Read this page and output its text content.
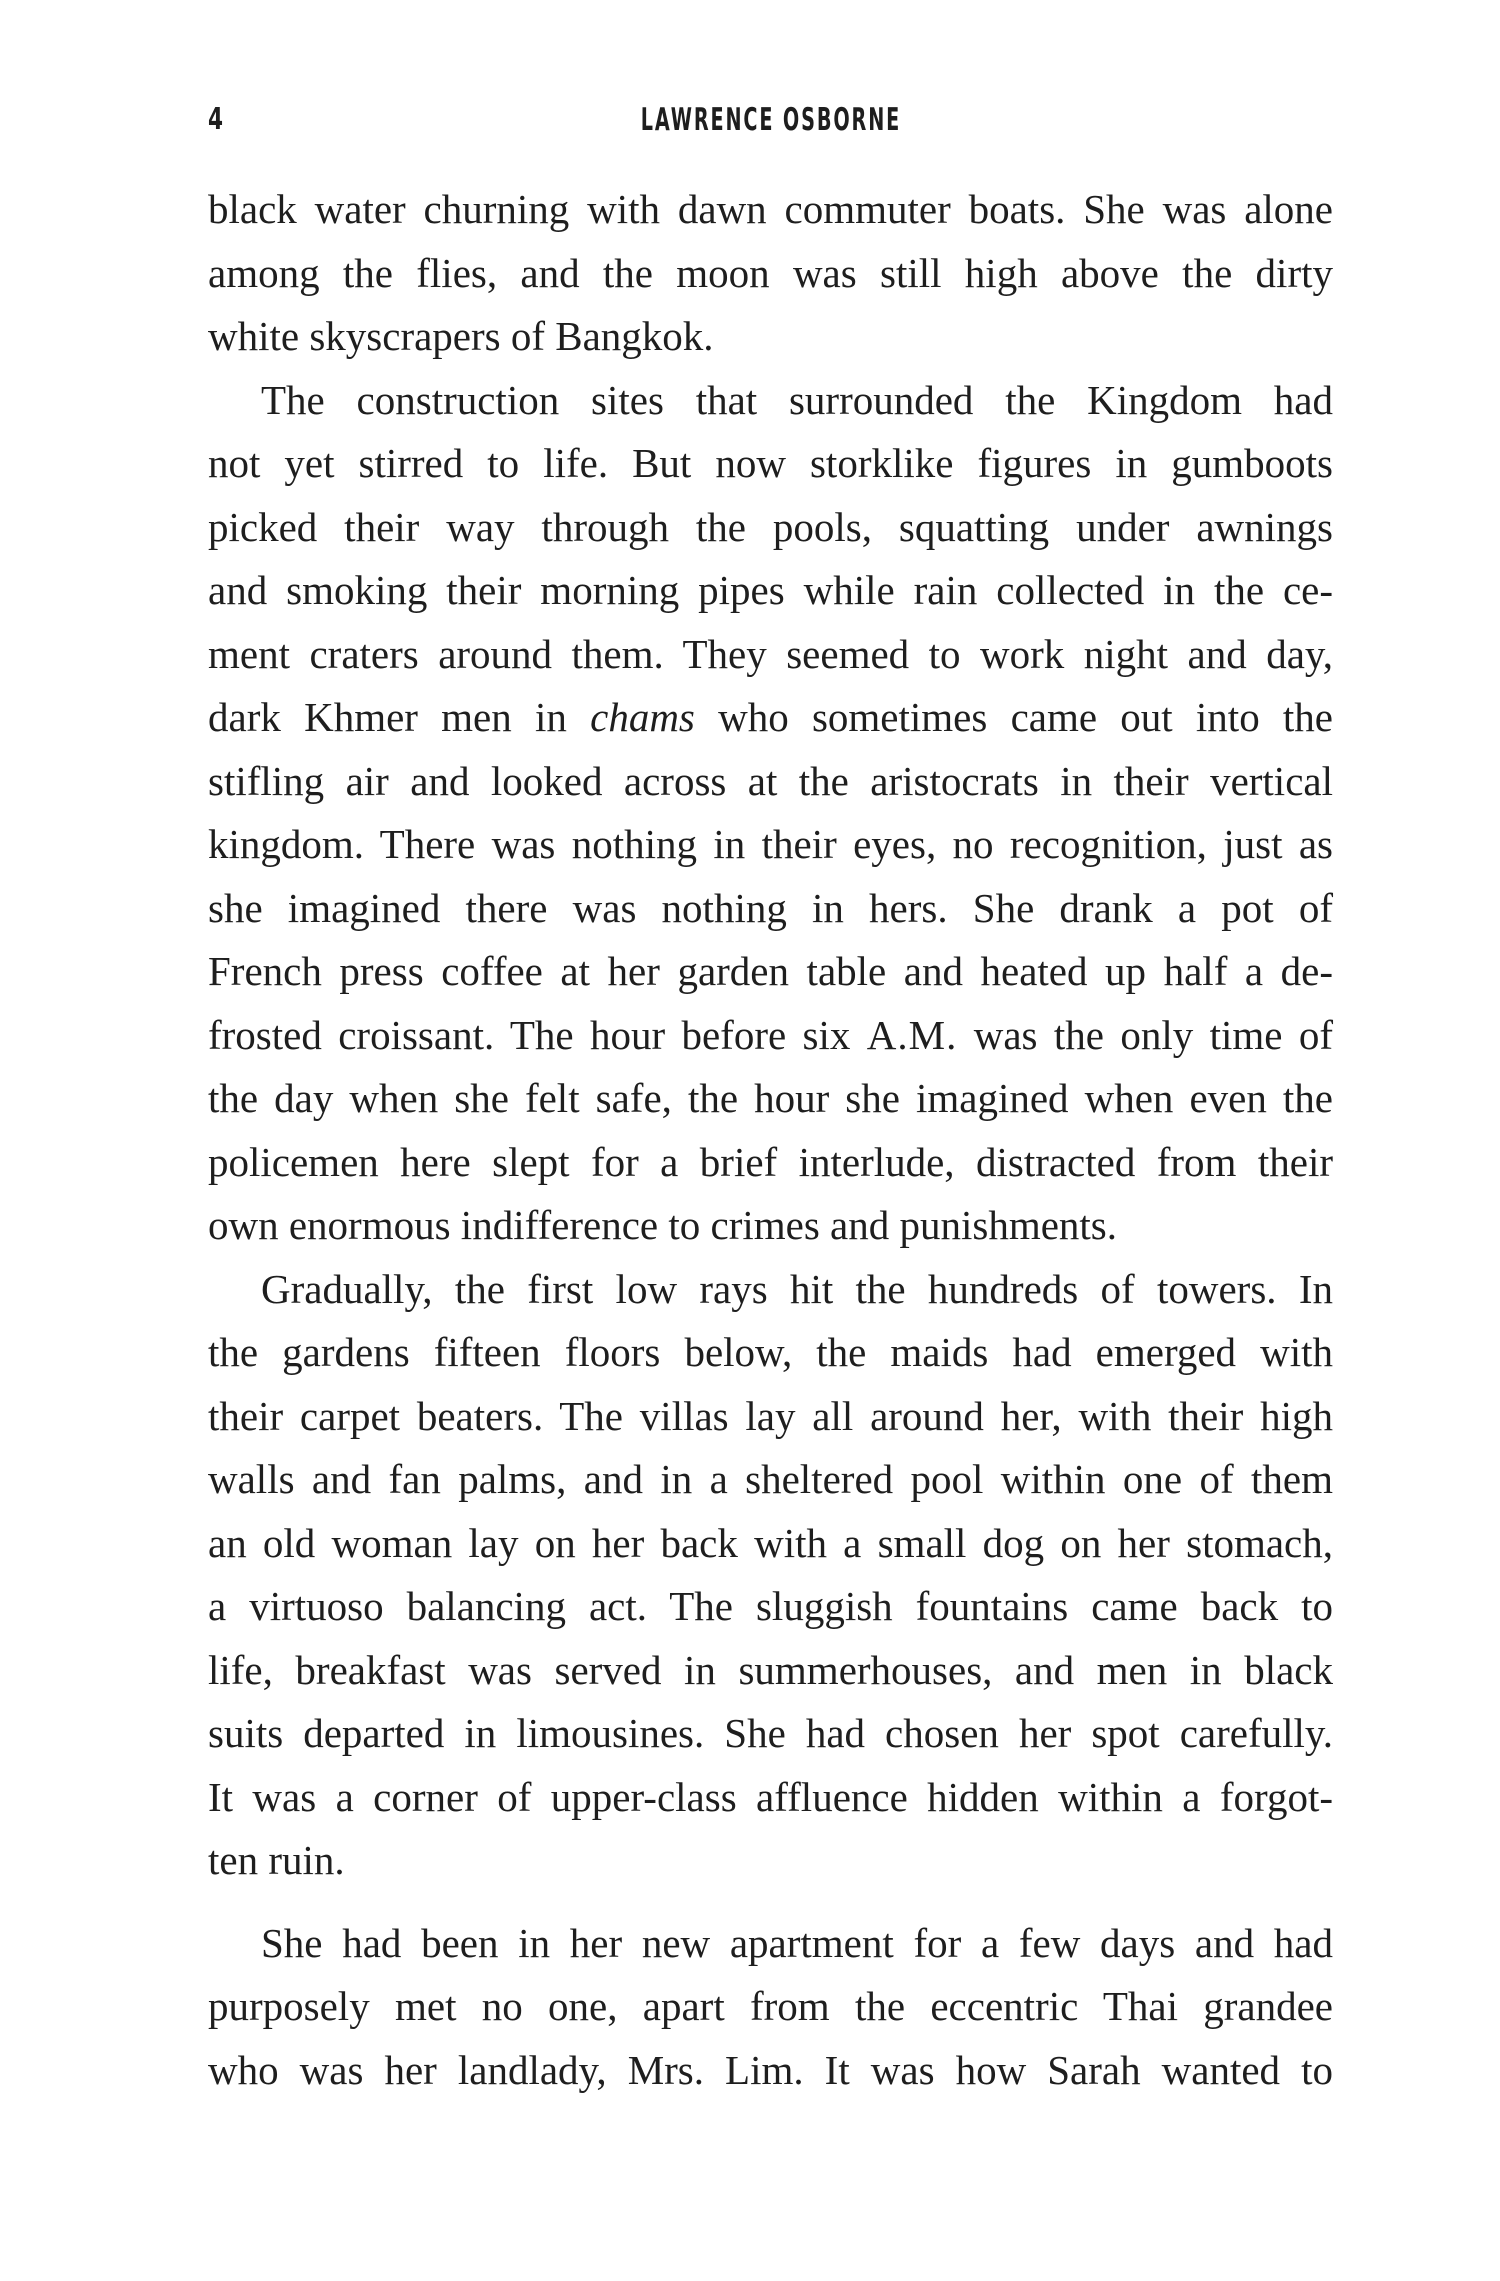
4	LAWRENCE OSBORNE

black water churning with dawn commuter boats. She was alone
among the flies, and the moon was still high above the dirty
white skyscrapers of Bangkok.

The construction sites that surrounded the Kingdom had
not yet stirred to life. But now storklike figures in gumboots
picked their way through the pools, squatting under awnings
and smoking their morning pipes while rain collected in the ce-
ment craters around them. They seemed to work night and day,
dark Khmer men in chams who sometimes came out into the
stifling air and looked across at the aristocrats in their vertical
kingdom. There was nothing in their eyes, no recognition, just as
she imagined there was nothing in hers. She drank a pot of
French press coffee at her garden table and heated up half a de-
frosted croissant. The hour before six A.M. was the only time of
the day when she felt safe, the hour she imagined when even the
policemen here slept for a brief interlude, distracted from their
own enormous indifference to crimes and punishments.

Gradually, the first low rays hit the hundreds of towers. In
the gardens fifteen floors below, the maids had emerged with
their carpet beaters. The villas lay all around her, with their high
walls and fan palms, and in a sheltered pool within one of them
an old woman lay on her back with a small dog on her stomach,
a virtuoso balancing act. The sluggish fountains came back to
life, breakfast was served in summerhouses, and men in black
suits departed in limousines. She had chosen her spot carefully.
It was a corner of upper-class affluence hidden within a forgot-
ten ruin.

She had been in her new apartment for a few days and had
purposely met no one, apart from the eccentric Thai grandee
who was her landlady, Mrs. Lim. It was how Sarah wanted to
